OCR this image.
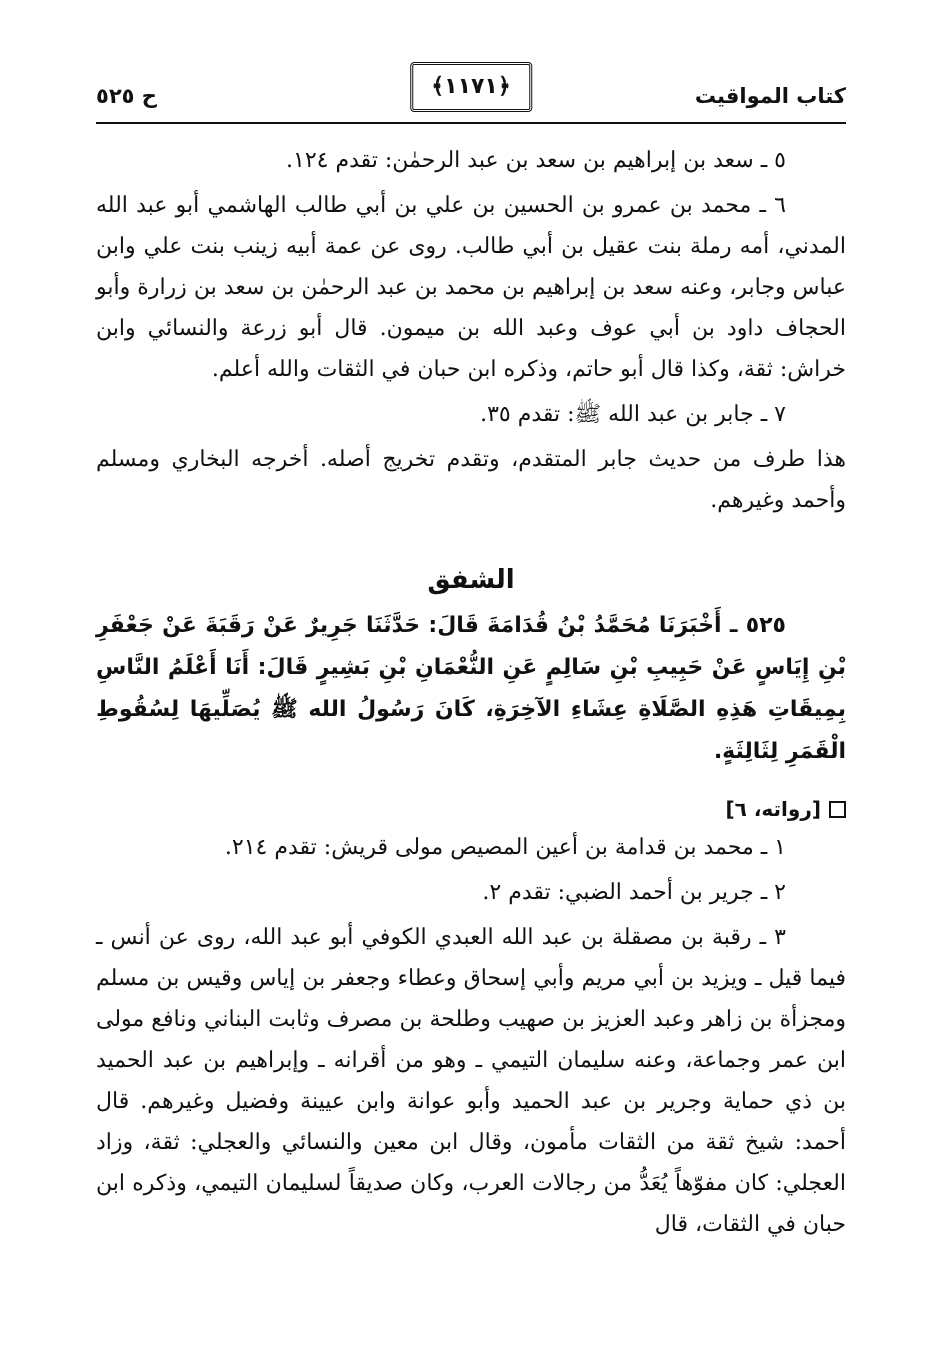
كتاب المواقيت
﴿١١٧١﴾
ح ٥٢٥

٥ ـ سعد بن إبراهيم بن سعد بن عبد الرحمٰن: تقدم ١٢٤.

٦ ـ محمد بن عمرو بن الحسين بن علي بن أبي طالب الهاشمي أبو عبد الله المدني، أمه رملة بنت عقيل بن أبي طالب. روى عن عمة أبيه زينب بنت علي وابن عباس وجابر، وعنه سعد بن إبراهيم بن محمد بن عبد الرحمٰن بن سعد بن زرارة وأبو الحجاف داود بن أبي عوف وعبد الله بن ميمون. قال أبو زرعة والنسائي وابن خراش: ثقة، وكذا قال أبو حاتم، وذكره ابن حبان في الثقات والله أعلم.

٧ ـ جابر بن عبد الله ﷺ: تقدم ٣٥.

هذا طرف من حديث جابر المتقدم، وتقدم تخريج أصله. أخرجه البخاري ومسلم وأحمد وغيرهم.

الشفق

٥٢٥ ـ أَخْبَرَنَا مُحَمَّدُ بْنُ قُدَامَةَ قَالَ: حَدَّثَنَا جَرِيرٌ عَنْ رَقَبَةَ عَنْ جَعْفَرِ بْنِ إِيَاسٍ عَنْ حَبِيبِ بْنِ سَالِمٍ عَنِ النُّعْمَانِ بْنِ بَشِيرٍ قَالَ: أَنَا أَعْلَمُ النَّاسِ بِمِيقَاتِ هَذِهِ الصَّلَاةِ عِشَاءِ الآخِرَةِ، كَانَ رَسُولُ الله ﷺ يُصَلِّيهَا لِسُقُوطِ الْقَمَرِ لِثَالِثَةٍ.

[رواته، ٦]

١ ـ محمد بن قدامة بن أعين المصيص مولى قريش: تقدم ٢١٤.

٢ ـ جرير بن أحمد الضبي: تقدم ٢.

٣ ـ رقبة بن مصقلة بن عبد الله العبدي الكوفي أبو عبد الله، روى عن أنس ـ فيما قيل ـ ويزيد بن أبي مريم وأبي إسحاق وعطاء وجعفر بن إياس وقيس بن مسلم ومجزأة بن زاهر وعبد العزيز بن صهيب وطلحة بن مصرف وثابت البناني ونافع مولى ابن عمر وجماعة، وعنه سليمان التيمي ـ وهو من أقرانه ـ وإبراهيم بن عبد الحميد بن ذي حماية وجرير بن عبد الحميد وأبو عوانة وابن عيينة وفضيل وغيرهم. قال أحمد: شيخ ثقة من الثقات مأمون، وقال ابن معين والنسائي والعجلي: ثقة، وزاد العجلي: كان مفوّهاً يُعَدُّ من رجالات العرب، وكان صديقاً لسليمان التيمي، وذكره ابن حبان في الثقات، قال
